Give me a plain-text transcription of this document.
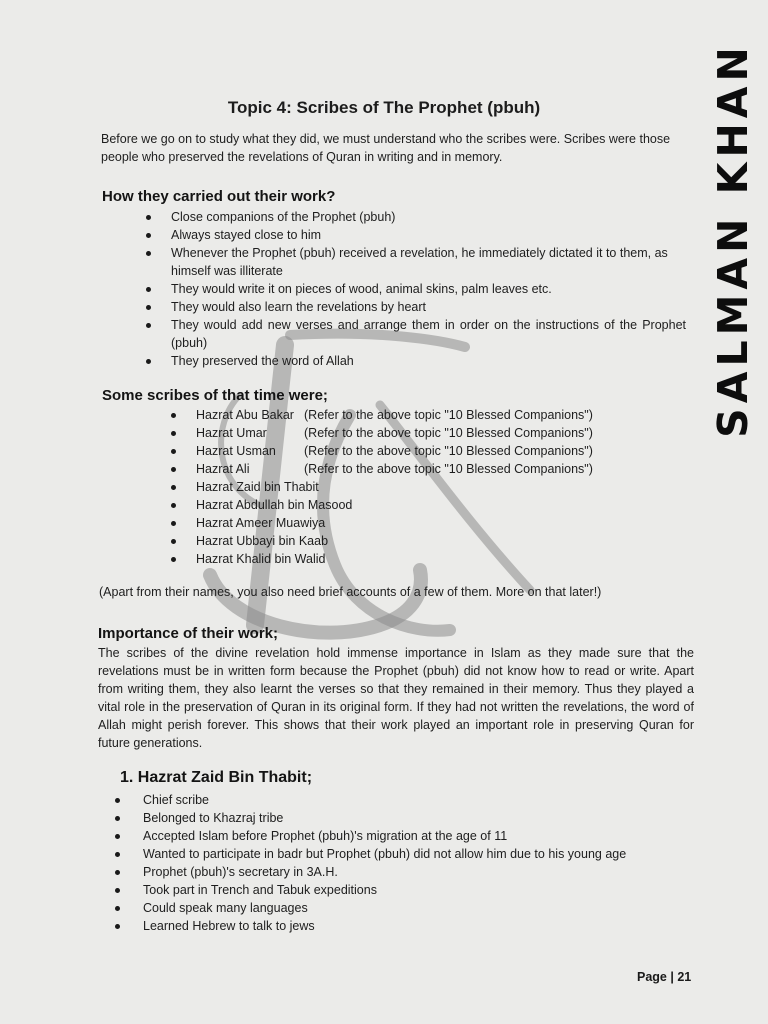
SALMAN KHAN
Topic 4: Scribes of The Prophet (pbuh)
Before we go on to study what they did, we must understand who the scribes were. Scribes were those people who preserved the revelations of Quran in writing and in memory.
How they carried out their work?
Close companions of the Prophet (pbuh)
Always stayed close to him
Whenever the Prophet (pbuh) received a revelation, he immediately dictated it to them, as himself was illiterate
They would write it on pieces of wood, animal skins, palm leaves etc.
They would also learn the revelations by heart
They would add new verses and arrange them in order on the instructions of the Prophet (pbuh)
They preserved the word of Allah
Some scribes of that time were;
Hazrat Abu Bakar (Refer to the above topic "10 Blessed Companions")
Hazrat Umar	(Refer to the above topic "10 Blessed Companions")
Hazrat Usman (Refer to the above topic "10 Blessed Companions")
Hazrat Ali	(Refer to the above topic "10 Blessed Companions")
Hazrat Zaid bin Thabit
Hazrat Abdullah bin Masood
Hazrat Ameer Muawiya
Hazrat Ubbayi bin Kaab
Hazrat Khalid bin Walid
(Apart from their names, you also need brief accounts of a few of them. More on that later!)
Importance of their work;
The scribes of the divine revelation hold immense importance in Islam as they made sure that the revelations must be in written form because the Prophet (pbuh) did not know how to read or write. Apart from writing them, they also learnt the verses so that they remained in their memory. Thus they played a vital role in the preservation of Quran in its original form. If they had not written the revelations, the word of Allah might perish forever. This shows that their work played an important role in preserving Quran for future generations.
1. Hazrat Zaid Bin Thabit;
Chief scribe
Belonged to Khazraj tribe
Accepted Islam before Prophet (pbuh)'s migration at the age of 11
Wanted to participate in badr but Prophet (pbuh) did not allow him due to his young age
Prophet (pbuh)'s secretary in 3A.H.
Took part in Trench and Tabuk expeditions
Could speak many languages
Learned Hebrew to talk to jews
Page | 21
